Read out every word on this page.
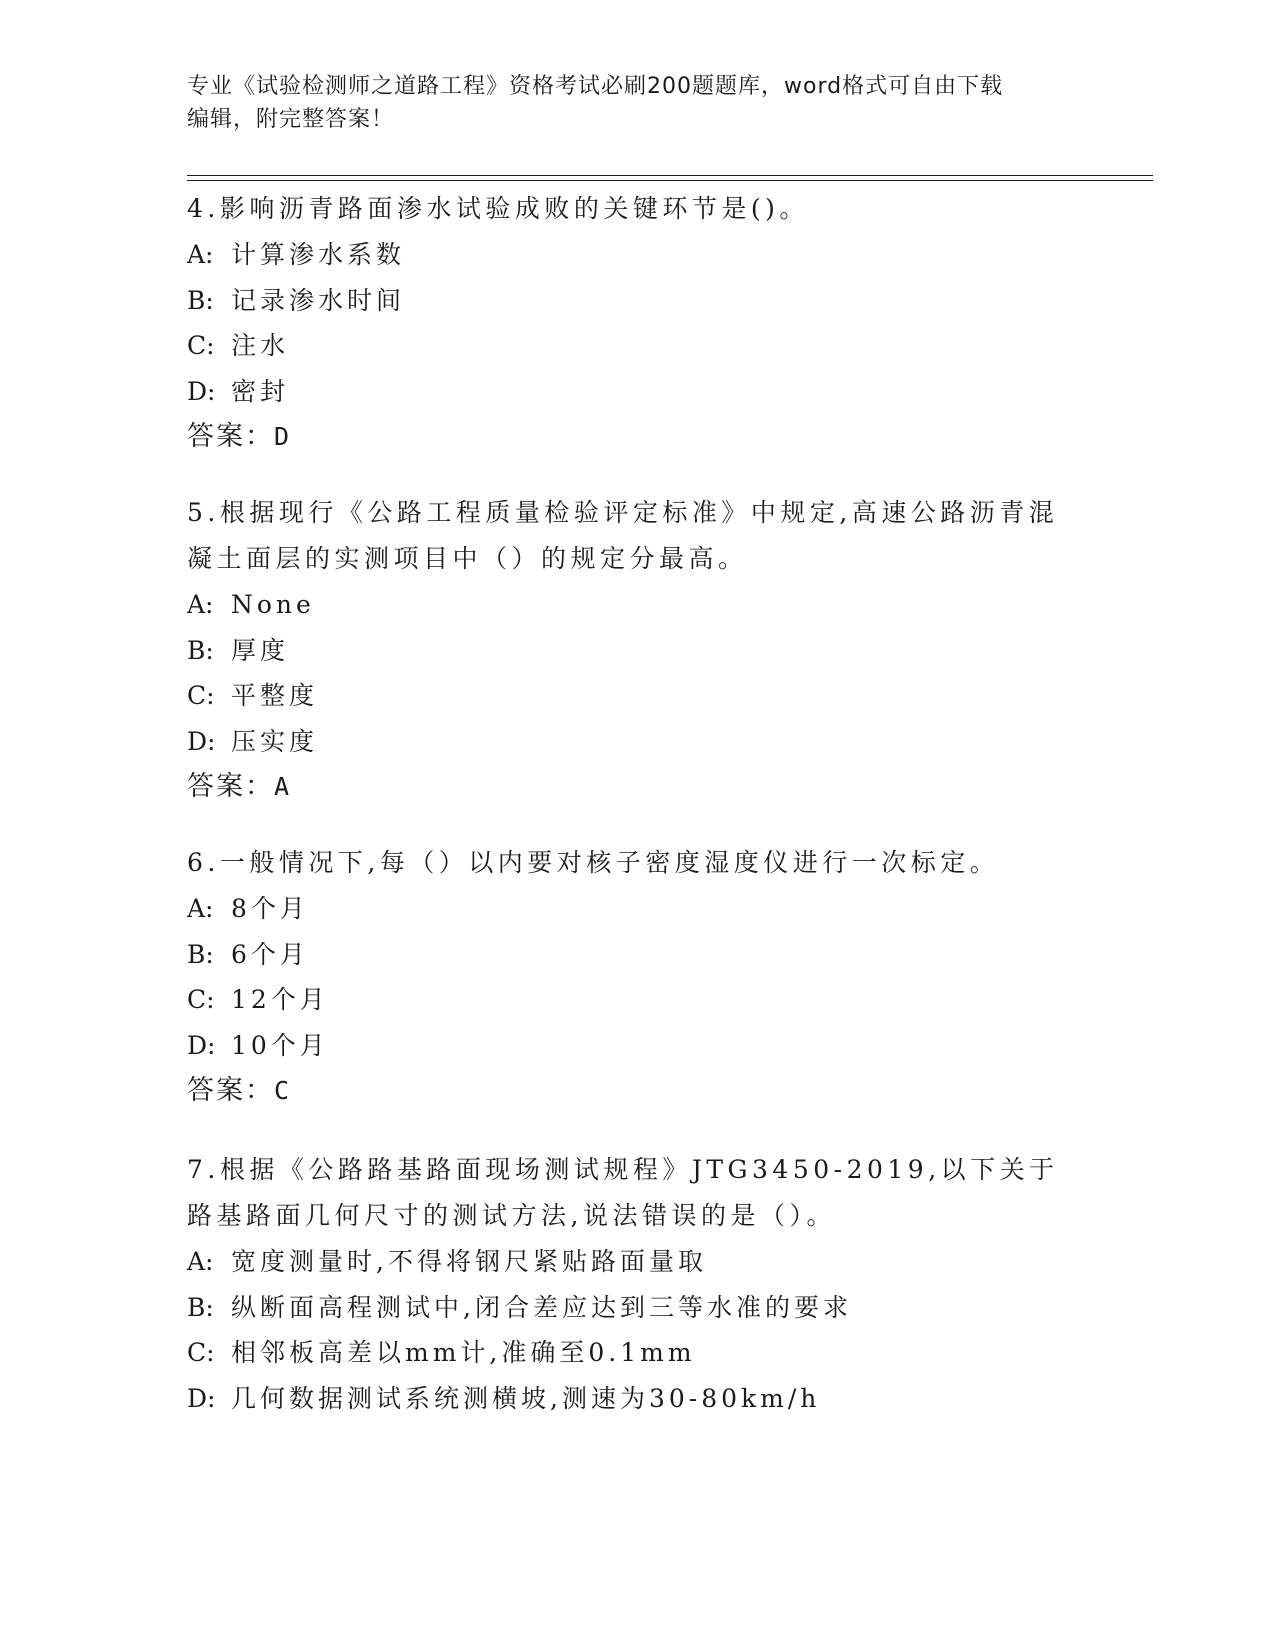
专业《试验检测师之道路工程》资格考试必刷200题题库，word格式可自由下载
编辑，附完整答案！

4.影响沥青路面渗水试验成败的关键环节是()。

A: 计算渗水系数

B: 记录渗水时间

C: 注水

D: 密封

答案：D

5.根据现行《公路工程质量检验评定标准》中规定,高速公路沥青混凝土面层的实测项目中（）的规定分最高。

A: None

B: 厚度

C: 平整度

D: 压实度

答案：A

6.一般情况下,每（）以内要对核子密度湿度仪进行一次标定。

A: 8个月

B: 6个月

C: 12个月

D: 10个月

答案：C

7.根据《公路路基路面现场测试规程》JTG3450-2019,以下关于路基路面几何尺寸的测试方法,说法错误的是（）。

A: 宽度测量时,不得将钢尺紧贴路面量取

B: 纵断面高程测试中,闭合差应达到三等水准的要求

C: 相邻板高差以mm计,准确至0.1mm

D: 几何数据测试系统测横坡,测速为30-80km/h
